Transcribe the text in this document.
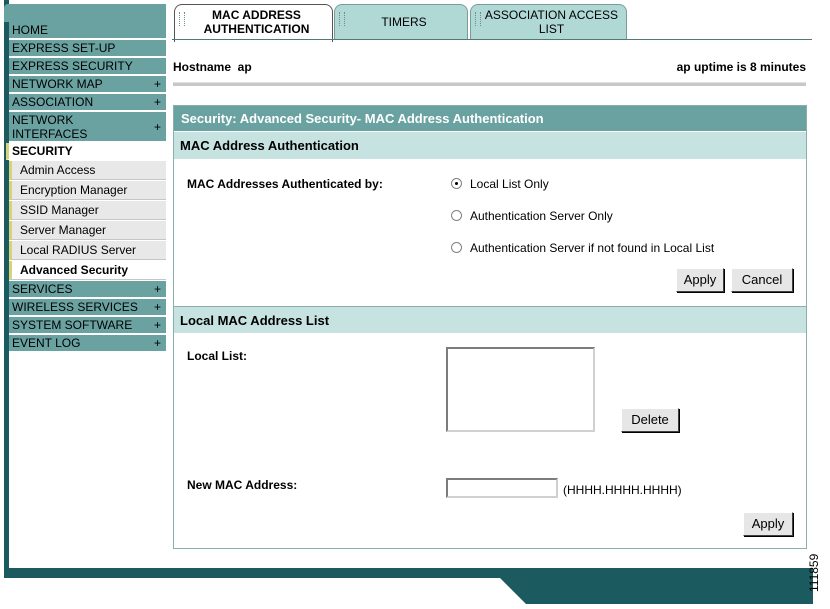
HOME
EXPRESS SET-UP
EXPRESS SECURITY
NETWORK MAP	+
ASSOCIATION	+
NETWORK INTERFACES	+
SECURITY
Admin Access
Encryption Manager
SSID Manager
Server Manager
Local RADIUS Server
Advanced Security
SERVICES	+
WIRELESS SERVICES +
SYSTEM SOFTWARE +
EVENT LOG	+
MAC ADDRESS AUTHENTICATION	TIMERS	ASSOCIATION ACCESS LIST
Hostname  ap	ap uptime is 8 minutes
Security: Advanced Security- MAC Address Authentication
MAC Address Authentication
MAC Addresses Authenticated by:	Local List Only
Authentication Server Only
Authentication Server if not found in Local List
Apply	Cancel
Local MAC Address List
Local List:
Delete
New MAC Address:	(HHHH.HHHH.HHHH)
Apply
111859
